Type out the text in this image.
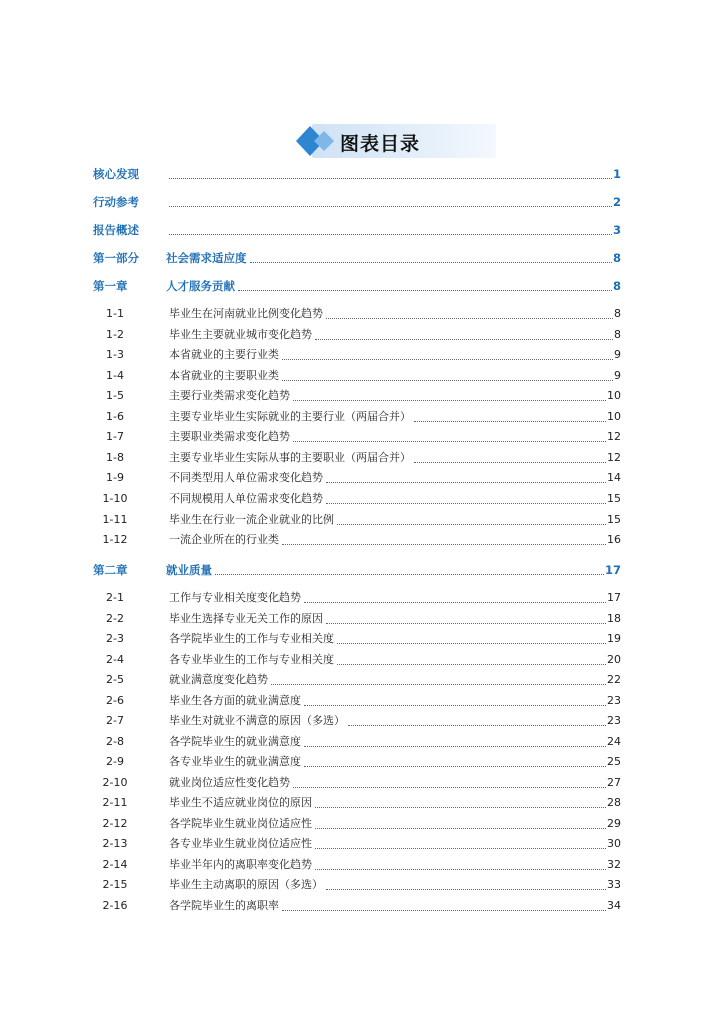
图表目录
核心发现	1
行动参考	2
报告概述	3
第一部分 社会需求适应度	8
第一章	人才服务贡献	8
1-1	毕业生在河南就业比例变化趋势	8
1-2	毕业生主要就业城市变化趋势	8
1-3	本省就业的主要行业类	9
1-4	本省就业的主要职业类	9
1-5	主要行业类需求变化趋势	10
1-6	主要专业毕业生实际就业的主要行业（两届合并）	10
1-7	主要职业类需求变化趋势	12
1-8	主要专业毕业生实际从事的主要职业（两届合并）	12
1-9	不同类型用人单位需求变化趋势	14
1-10	不同规模用人单位需求变化趋势	15
1-11	毕业生在行业一流企业就业的比例	15
1-12	一流企业所在的行业类	16
第二章	就业质量	17
2-1	工作与专业相关度变化趋势	17
2-2	毕业生选择专业无关工作的原因	18
2-3	各学院毕业生的工作与专业相关度	19
2-4	各专业毕业生的工作与专业相关度	20
2-5	就业满意度变化趋势	22
2-6	毕业生各方面的就业满意度	23
2-7	毕业生对就业不满意的原因（多选）	23
2-8	各学院毕业生的就业满意度	24
2-9	各专业毕业生的就业满意度	25
2-10	就业岗位适应性变化趋势	27
2-11	毕业生不适应就业岗位的原因	28
2-12	各学院毕业生就业岗位适应性	29
2-13	各专业毕业生就业岗位适应性	30
2-14	毕业半年内的离职率变化趋势	32
2-15	毕业生主动离职的原因（多选）	33
2-16	各学院毕业生的离职率	34
